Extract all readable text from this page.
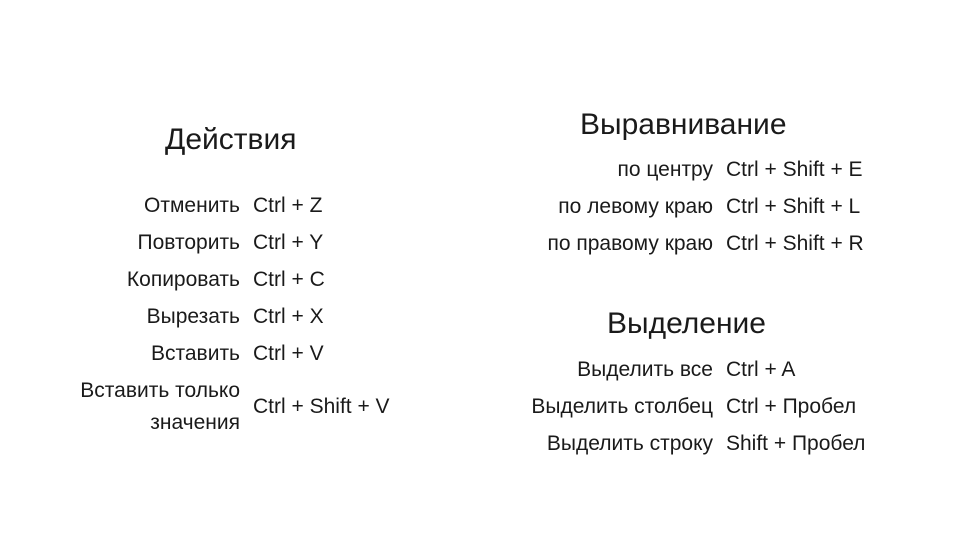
Действия
Отменить Ctrl + Z
Повторить Ctrl + Y
Копировать Ctrl + C
Вырезать Ctrl + X
Вставить Ctrl + V
Вставить только
значения
Ctrl + Shift + V
Выравнивание
по центру Ctrl + Shift + E
по левому краю Ctrl + Shift + L
по правому краю Ctrl + Shift + R
Выделение
Выделить все Ctrl + A
Выделить столбец Ctrl + Пробел
Выделить строку Shift + Пробел
